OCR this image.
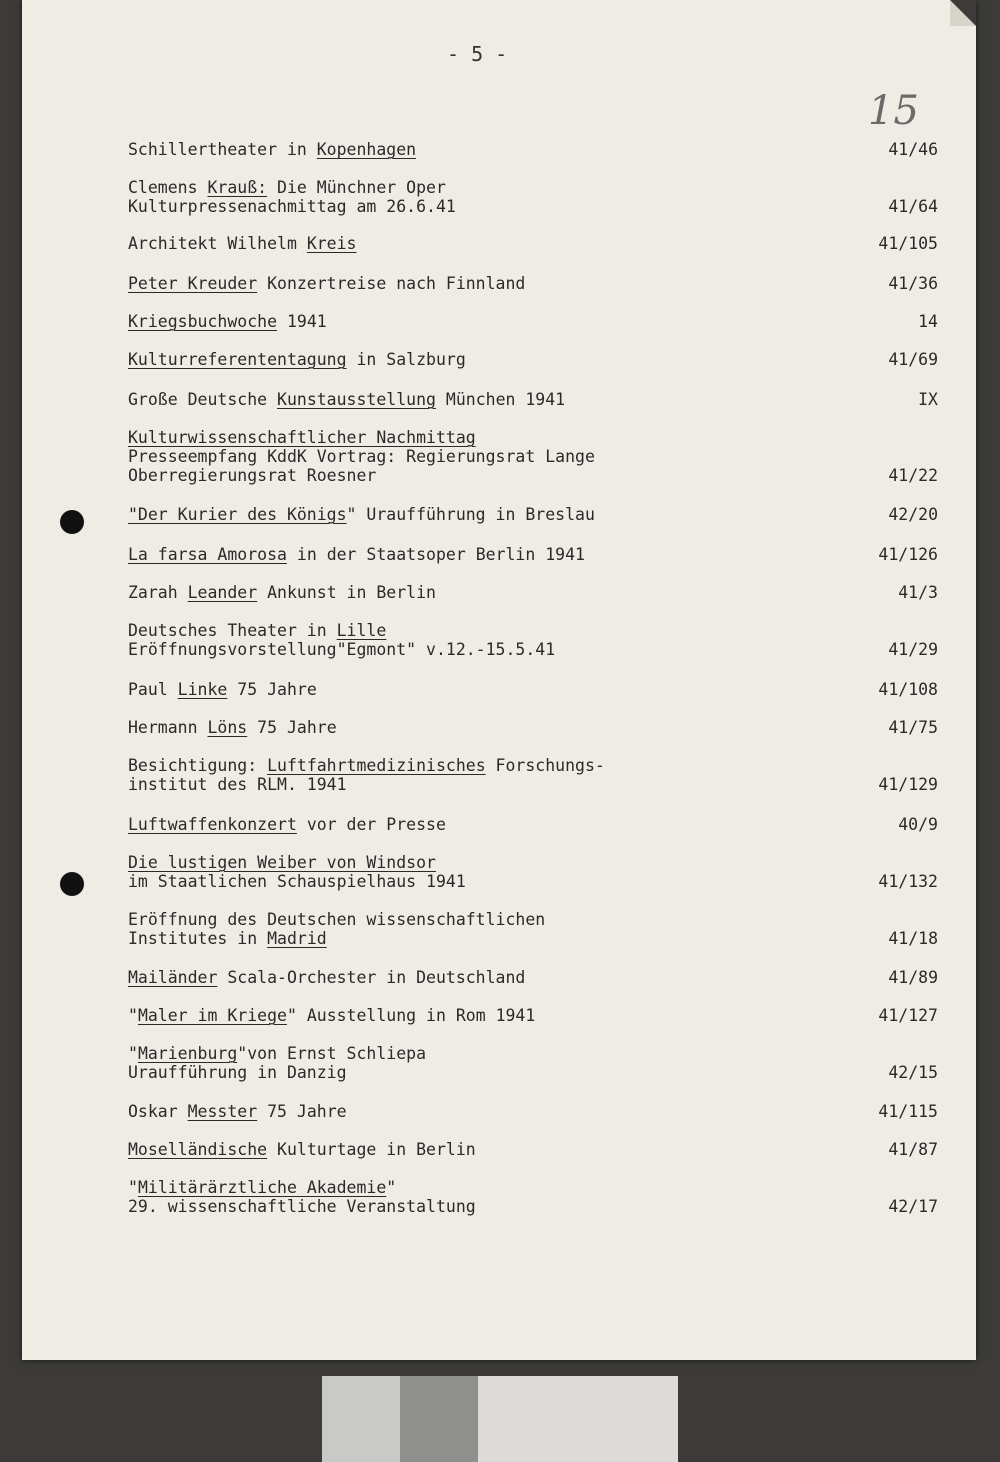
- 5 -
15
Schillertheater in Kopenhagen	41/46
Clemens Krauß: Die Münchner Oper
Kulturpressenachmittag am 26.6.41	41/64
Architekt Wilhelm Kreis	41/105
Peter Kreuder Konzertreise nach Finnland	41/36
Kriegsbuchwoche 1941	14
Kulturreferententagung in Salzburg	41/69
Große Deutsche Kunstausstellung München 1941	IX
Kulturwissenschaftlicher Nachmittag
Presseempfang KddK Vortrag: Regierungsrat Lange
Oberregierungsrat Roesner	41/22
"Der Kurier des Königs" Uraufführung in Breslau	42/20
La farsa Amorosa in der Staatsoper Berlin 1941	41/126
Zarah Leander Ankunst in Berlin	41/3
Deutsches Theater in Lille
Eröffnungsvorstellung"Egmont" v.12.-15.5.41	41/29
Paul Linke 75 Jahre	41/108
Hermann Löns 75 Jahre	41/75
Besichtigung: Luftfahrtmedizinisches Forschungs-
institut des RLM. 1941	41/129
Luftwaffenkonzert vor der Presse	40/9
Die lustigen Weiber von Windsor
im Staatlichen Schauspielhaus 1941	41/132
Eröffnung des Deutschen wissenschaftlichen
Institutes in Madrid	41/18
Mailänder Scala-Orchester in Deutschland	41/89
"Maler im Kriege" Ausstellung in Rom 1941	41/127
"Marienburg"von Ernst Schliepa
Uraufführung in Danzig	42/15
Oskar Messter 75 Jahre	41/115
Moselländische Kulturtage in Berlin	41/87
"Militärärztliche Akademie"
29. wissenschaftliche Veranstaltung	42/17
